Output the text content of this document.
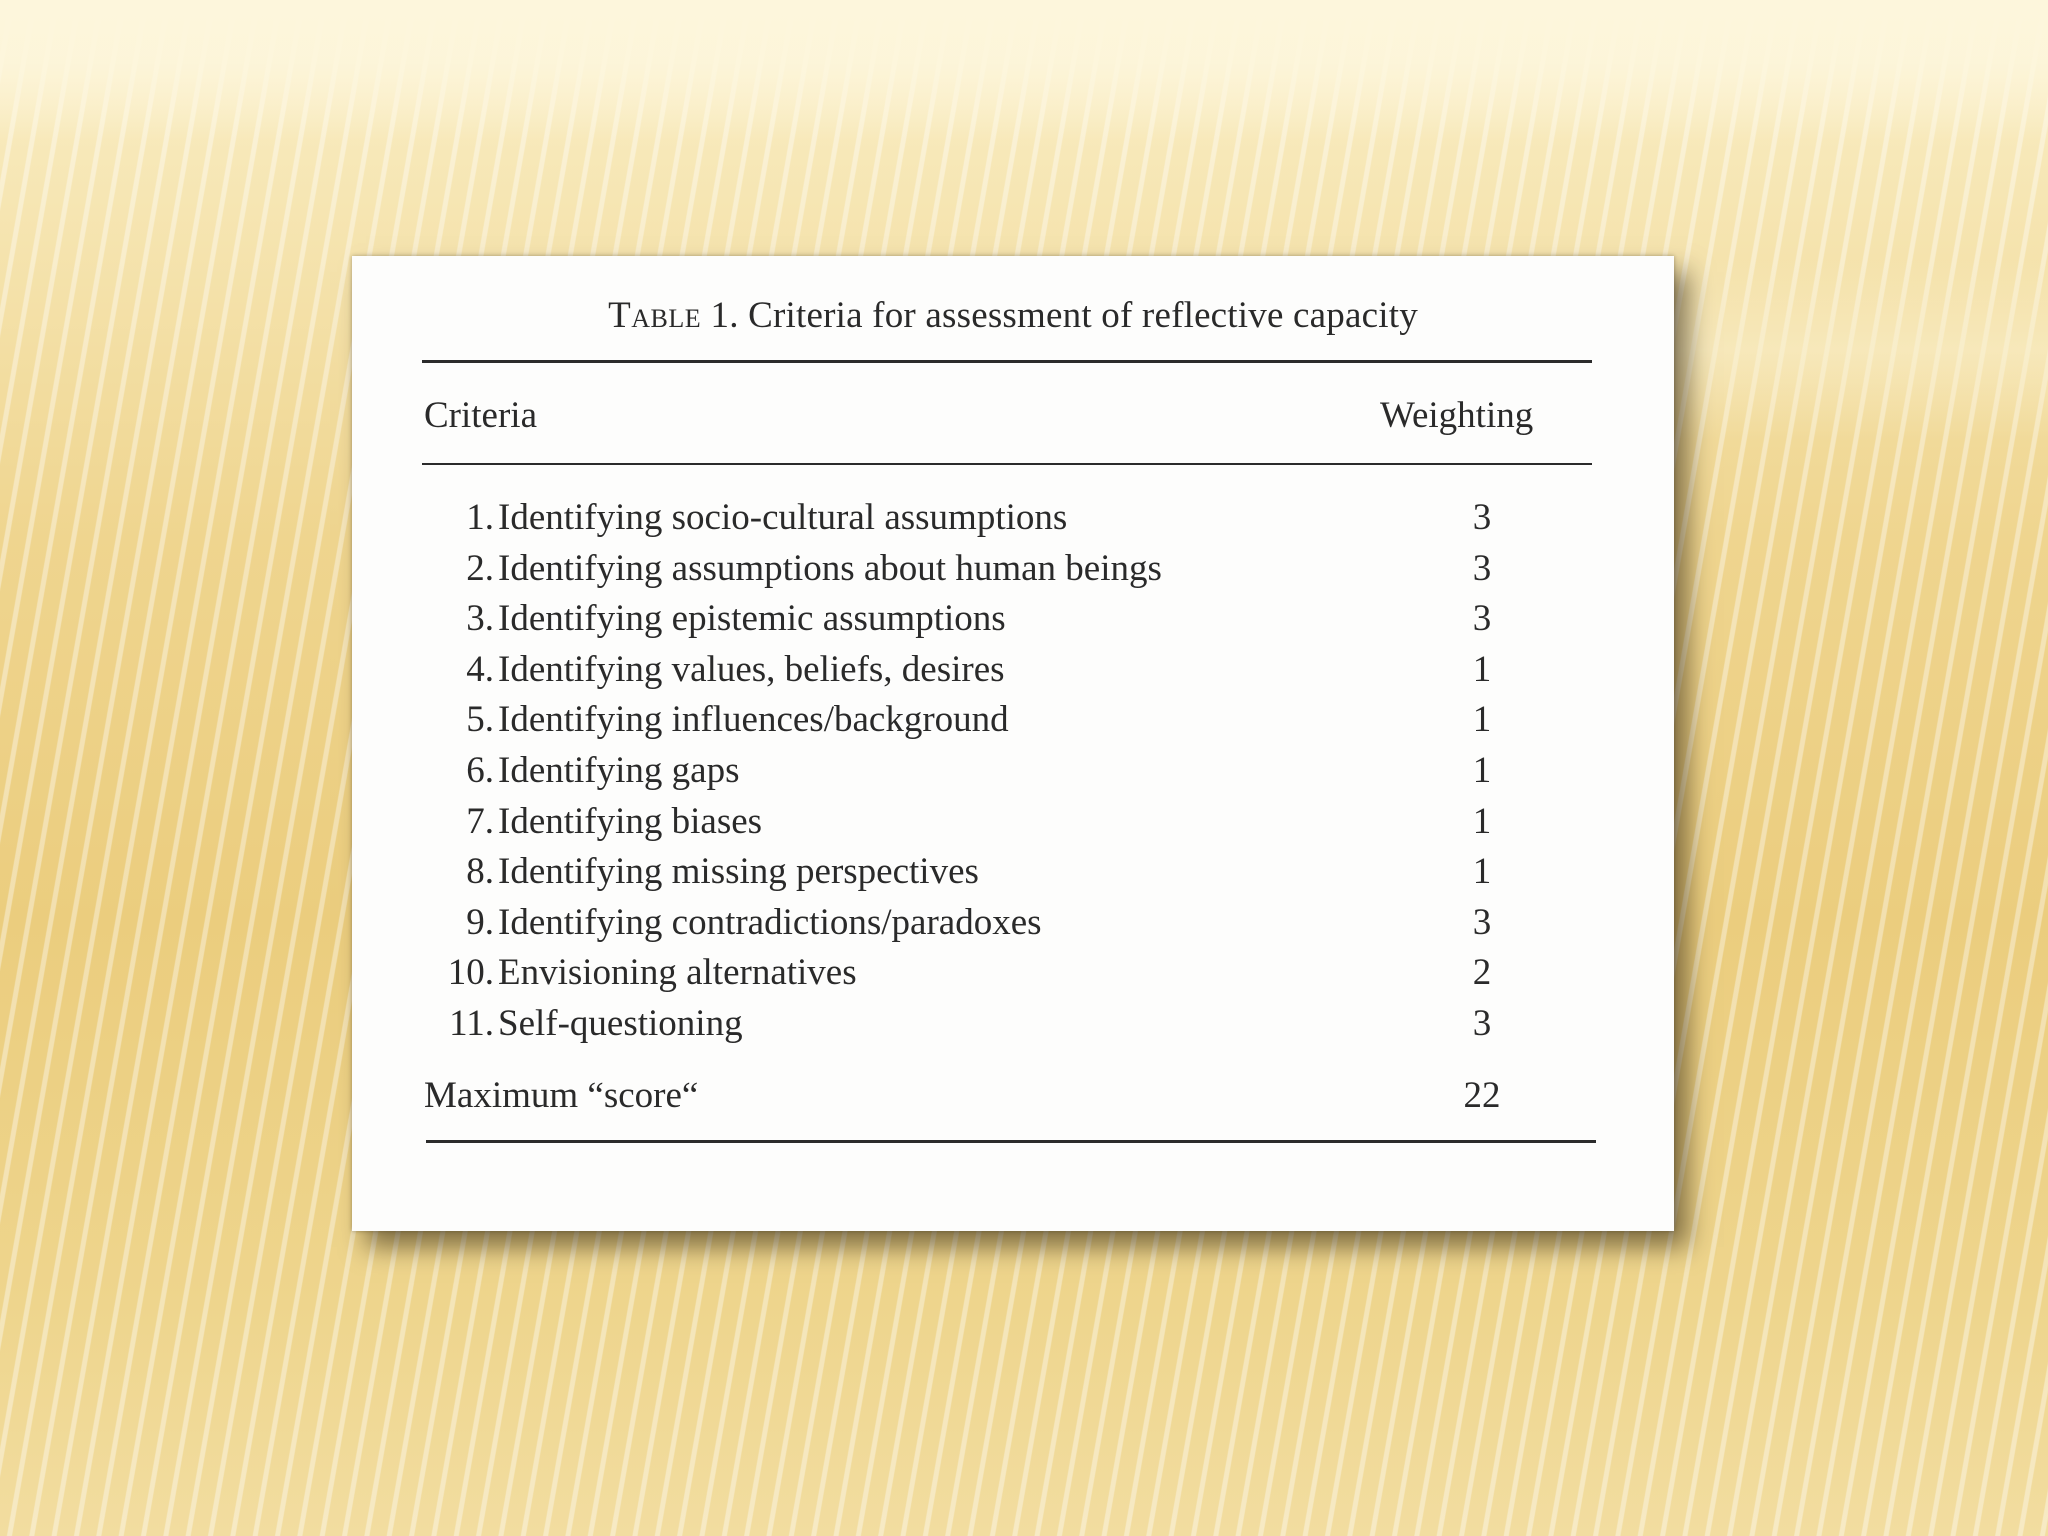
Table 1. Criteria for assessment of reflective capacity
Criteria	Weighting
1. Identifying socio-cultural assumptions	3
2. Identifying assumptions about human beings	3
3. Identifying epistemic assumptions	3
4. Identifying values, beliefs, desires	1
5. Identifying influences/background	1
6. Identifying gaps	1
7. Identifying biases	1
8. Identifying missing perspectives	1
9. Identifying contradictions/paradoxes	3
10. Envisioning alternatives	2
11. Self-questioning	3
Maximum “score“	22
